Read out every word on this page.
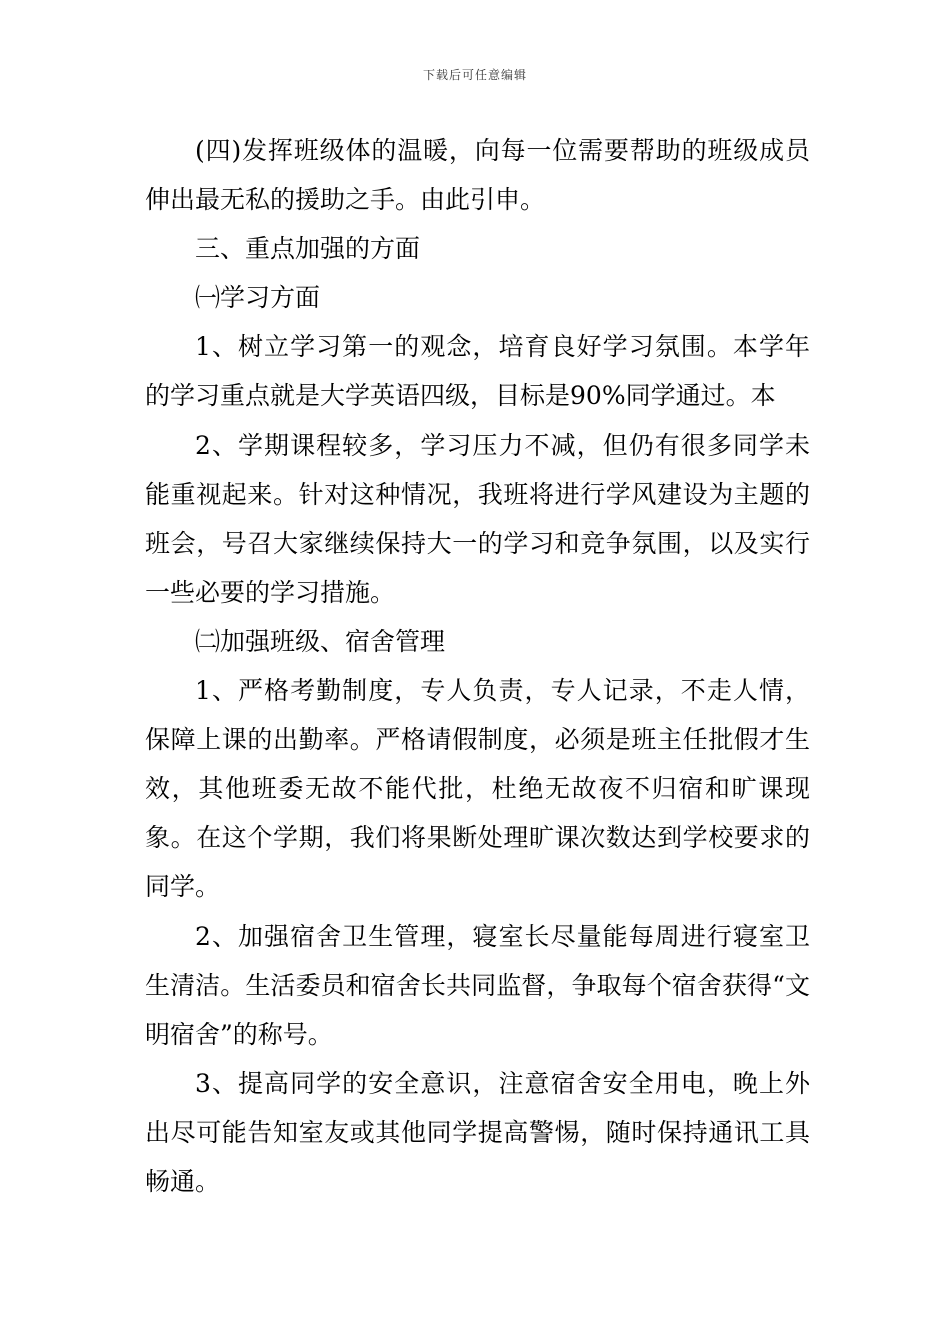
下载后可任意编辑

(四)发挥班级体的温暖，向每一位需要帮助的班级成员伸出最无私的援助之手。由此引申。

三、重点加强的方面

㈠学习方面

1、树立学习第一的观念，培育良好学习氛围。本学年的学习重点就是大学英语四级，目标是90%同学通过。本

2、学期课程较多，学习压力不减，但仍有很多同学未能重视起来。针对这种情况，我班将进行学风建设为主题的班会，号召大家继续保持大一的学习和竞争氛围，以及实行一些必要的学习措施。

㈡加强班级、宿舍管理

1、严格考勤制度，专人负责，专人记录，不走人情，保障上课的出勤率。严格请假制度，必须是班主任批假才生效，其他班委无故不能代批，杜绝无故夜不归宿和旷课现象。在这个学期，我们将果断处理旷课次数达到学校要求的同学。

2、加强宿舍卫生管理，寝室长尽量能每周进行寝室卫生清洁。生活委员和宿舍长共同监督，争取每个宿舍获得“文明宿舍”的称号。

3、提高同学的安全意识，注意宿舍安全用电，晚上外出尽可能告知室友或其他同学提高警惕，随时保持通讯工具畅通。
